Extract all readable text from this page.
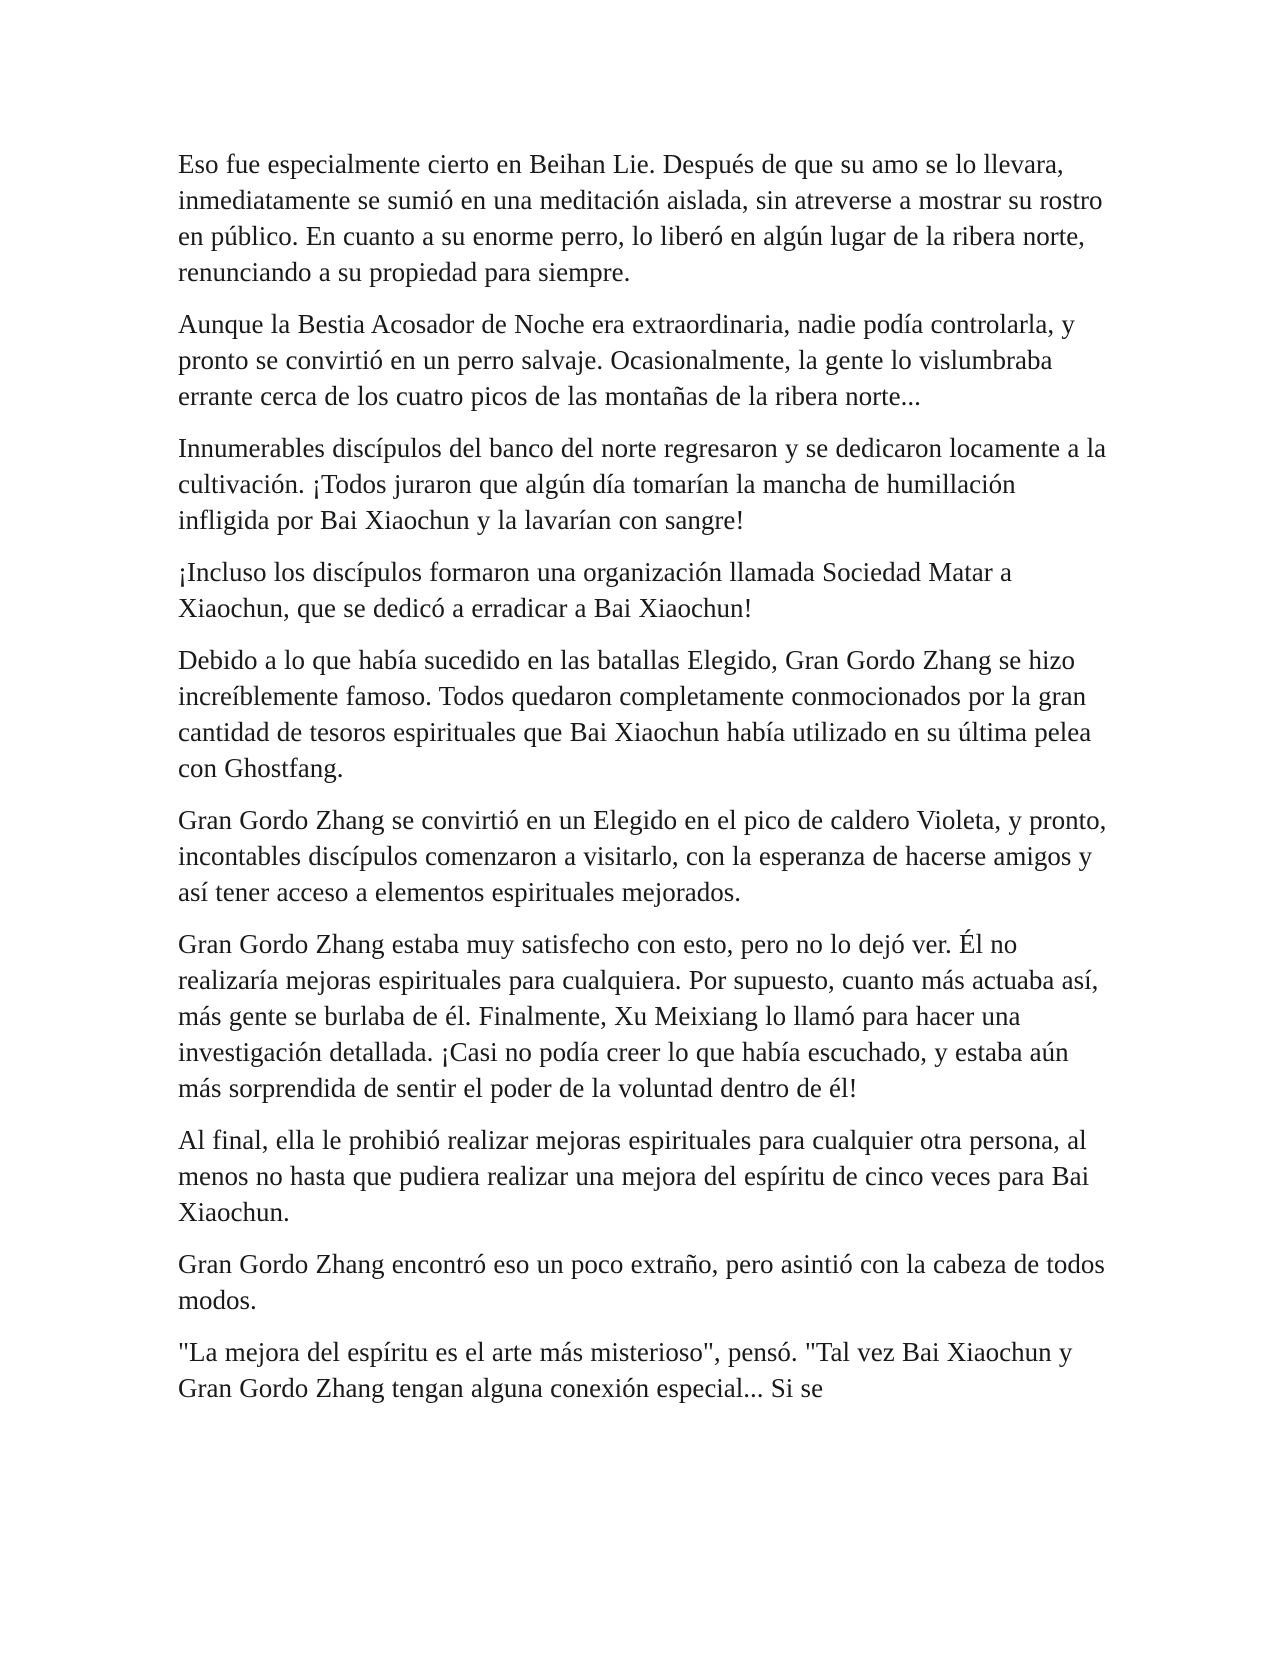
Eso fue especialmente cierto en Beihan Lie. Después de que su amo se lo llevara, inmediatamente se sumió en una meditación aislada, sin atreverse a mostrar su rostro en público. En cuanto a su enorme perro, lo liberó en algún lugar de la ribera norte, renunciando a su propiedad para siempre.

Aunque la Bestia Acosador de Noche era extraordinaria, nadie podía controlarla, y pronto se convirtió en un perro salvaje. Ocasionalmente, la gente lo vislumbraba errante cerca de los cuatro picos de las montañas de la ribera norte...

Innumerables discípulos del banco del norte regresaron y se dedicaron locamente a la cultivación. ¡Todos juraron que algún día tomarían la mancha de humillación infligida por Bai Xiaochun y la lavarían con sangre!

¡Incluso los discípulos formaron una organización llamada Sociedad Matar a Xiaochun, que se dedicó a erradicar a Bai Xiaochun!

Debido a lo que había sucedido en las batallas Elegido, Gran Gordo Zhang se hizo increíblemente famoso. Todos quedaron completamente conmocionados por la gran cantidad de tesoros espirituales que Bai Xiaochun había utilizado en su última pelea con Ghostfang.

Gran Gordo Zhang se convirtió en un Elegido en el pico de caldero Violeta, y pronto, incontables discípulos comenzaron a visitarlo, con la esperanza de hacerse amigos y así tener acceso a elementos espirituales mejorados.

Gran Gordo Zhang estaba muy satisfecho con esto, pero no lo dejó ver. Él no realizaría mejoras espirituales para cualquiera. Por supuesto, cuanto más actuaba así, más gente se burlaba de él. Finalmente, Xu Meixiang lo llamó para hacer una investigación detallada. ¡Casi no podía creer lo que había escuchado, y estaba aún más sorprendida de sentir el poder de la voluntad dentro de él!

Al final, ella le prohibió realizar mejoras espirituales para cualquier otra persona, al menos no hasta que pudiera realizar una mejora del espíritu de cinco veces para Bai Xiaochun.

Gran Gordo Zhang encontró eso un poco extraño, pero asintió con la cabeza de todos modos.

"La mejora del espíritu es el arte más misterioso", pensó. "Tal vez Bai Xiaochun y Gran Gordo Zhang tengan alguna conexión especial... Si se
